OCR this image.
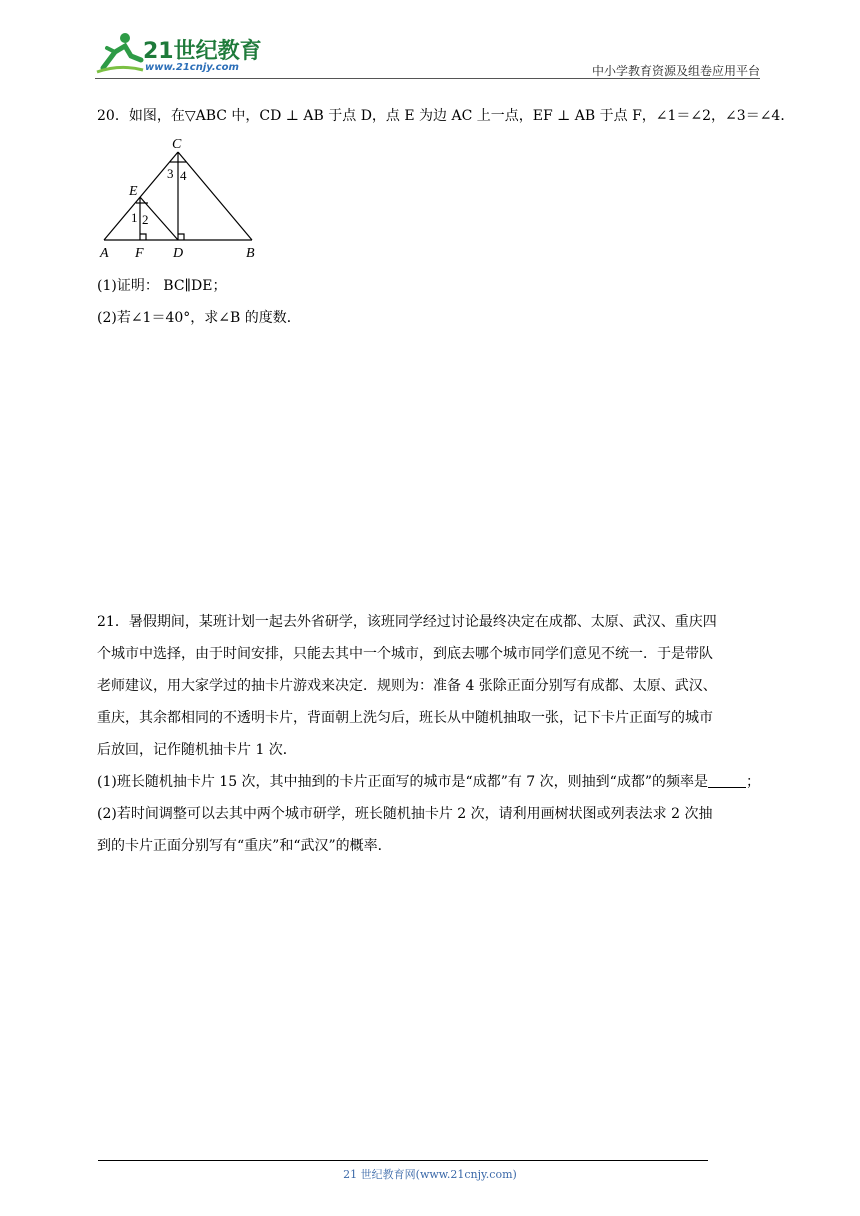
21世纪教育
www.21cnjy.com	中小学教育资源及组卷应用平台
20．如图，在▽ABC 中，CD ⊥ AB 于点 D，点 E 为边 AC 上一点，EF ⊥ AB 于点 F，∠1＝∠2，∠3＝∠4．
C
E
A F D	B
1 2
3 4
(1)证明： BC∥DE；
(2)若∠1＝40°，求∠B 的度数．
21．暑假期间，某班计划一起去外省研学，该班同学经过讨论最终决定在成都、太原、武汉、重庆四
个城市中选择，由于时间安排，只能去其中一个城市，到底去哪个城市同学们意见不统一．于是带队
老师建议，用大家学过的抽卡片游戏来决定．规则为：准备 4 张除正面分别写有成都、太原、武汉、
重庆，其余都相同的不透明卡片，背面朝上洗匀后，班长从中随机抽取一张，记下卡片正面写的城市
后放回，记作随机抽卡片 1 次．
(1)班长随机抽卡片 15 次，其中抽到的卡片正面写的城市是“成都”有 7 次，则抽到“成都”的频率是	；
(2)若时间调整可以去其中两个城市研学，班长随机抽卡片 2 次，请利用画树状图或列表法求 2 次抽
到的卡片正面分别写有“重庆”和“武汉”的概率．
21 世纪教育网(www.21cnjy.com)
